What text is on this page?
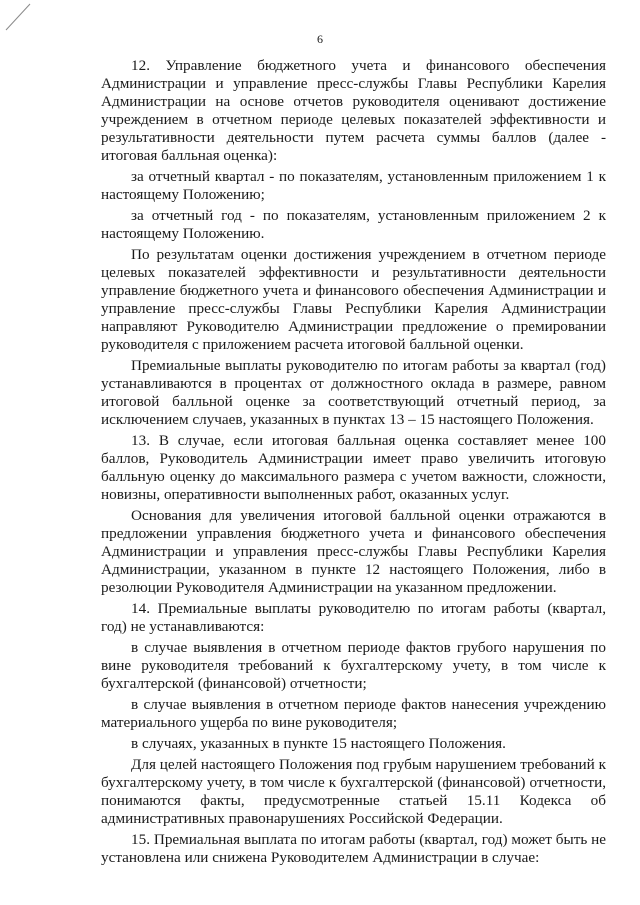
6

12. Управление бюджетного учета и финансового обеспечения Администрации и управление пресс-службы Главы Республики Карелия Администрации на основе отчетов руководителя оценивают достижение учреждением в отчетном периоде целевых показателей эффективности и результативности деятельности путем расчета суммы баллов (далее - итоговая балльная оценка):

за отчетный квартал - по показателям, установленным приложением 1 к настоящему Положению;

за отчетный год - по показателям, установленным приложением 2 к настоящему Положению.

По результатам оценки достижения учреждением в отчетном периоде целевых показателей эффективности и результативности деятельности управление бюджетного учета и финансового обеспечения Администрации и управление пресс-службы Главы Республики Карелия Администрации направляют Руководителю Администрации предложение о премировании руководителя с приложением расчета итоговой балльной оценки.

Премиальные выплаты руководителю по итогам работы за квартал (год) устанавливаются в процентах от должностного оклада в размере, равном итоговой балльной оценке за соответствующий отчетный период, за исключением случаев, указанных в пунктах 13 – 15 настоящего Положения.

13. В случае, если итоговая балльная оценка составляет менее 100 баллов, Руководитель Администрации имеет право увеличить итоговую балльную оценку до максимального размера с учетом важности, сложности, новизны, оперативности выполненных работ, оказанных услуг.

Основания для увеличения итоговой балльной оценки отражаются в предложении управления бюджетного учета и финансового обеспечения Администрации и управления пресс-службы Главы Республики Карелия Администрации, указанном в пункте 12 настоящего Положения, либо в резолюции Руководителя Администрации на указанном предложении.

14. Премиальные выплаты руководителю по итогам работы (квартал, год) не устанавливаются:

в случае выявления в отчетном периоде фактов грубого нарушения по вине руководителя требований к бухгалтерскому учету, в том числе к бухгалтерской (финансовой) отчетности;

в случае выявления в отчетном периоде фактов нанесения учреждению материального ущерба по вине руководителя;

в случаях, указанных в пункте 15 настоящего Положения.

Для целей настоящего Положения под грубым нарушением требований к бухгалтерскому учету, в том числе к бухгалтерской (финансовой) отчетности, понимаются факты, предусмотренные статьей 15.11 Кодекса об административных правонарушениях Российской Федерации.

15. Премиальная выплата по итогам работы (квартал, год) может быть не установлена или снижена Руководителем Администрации в случае:
